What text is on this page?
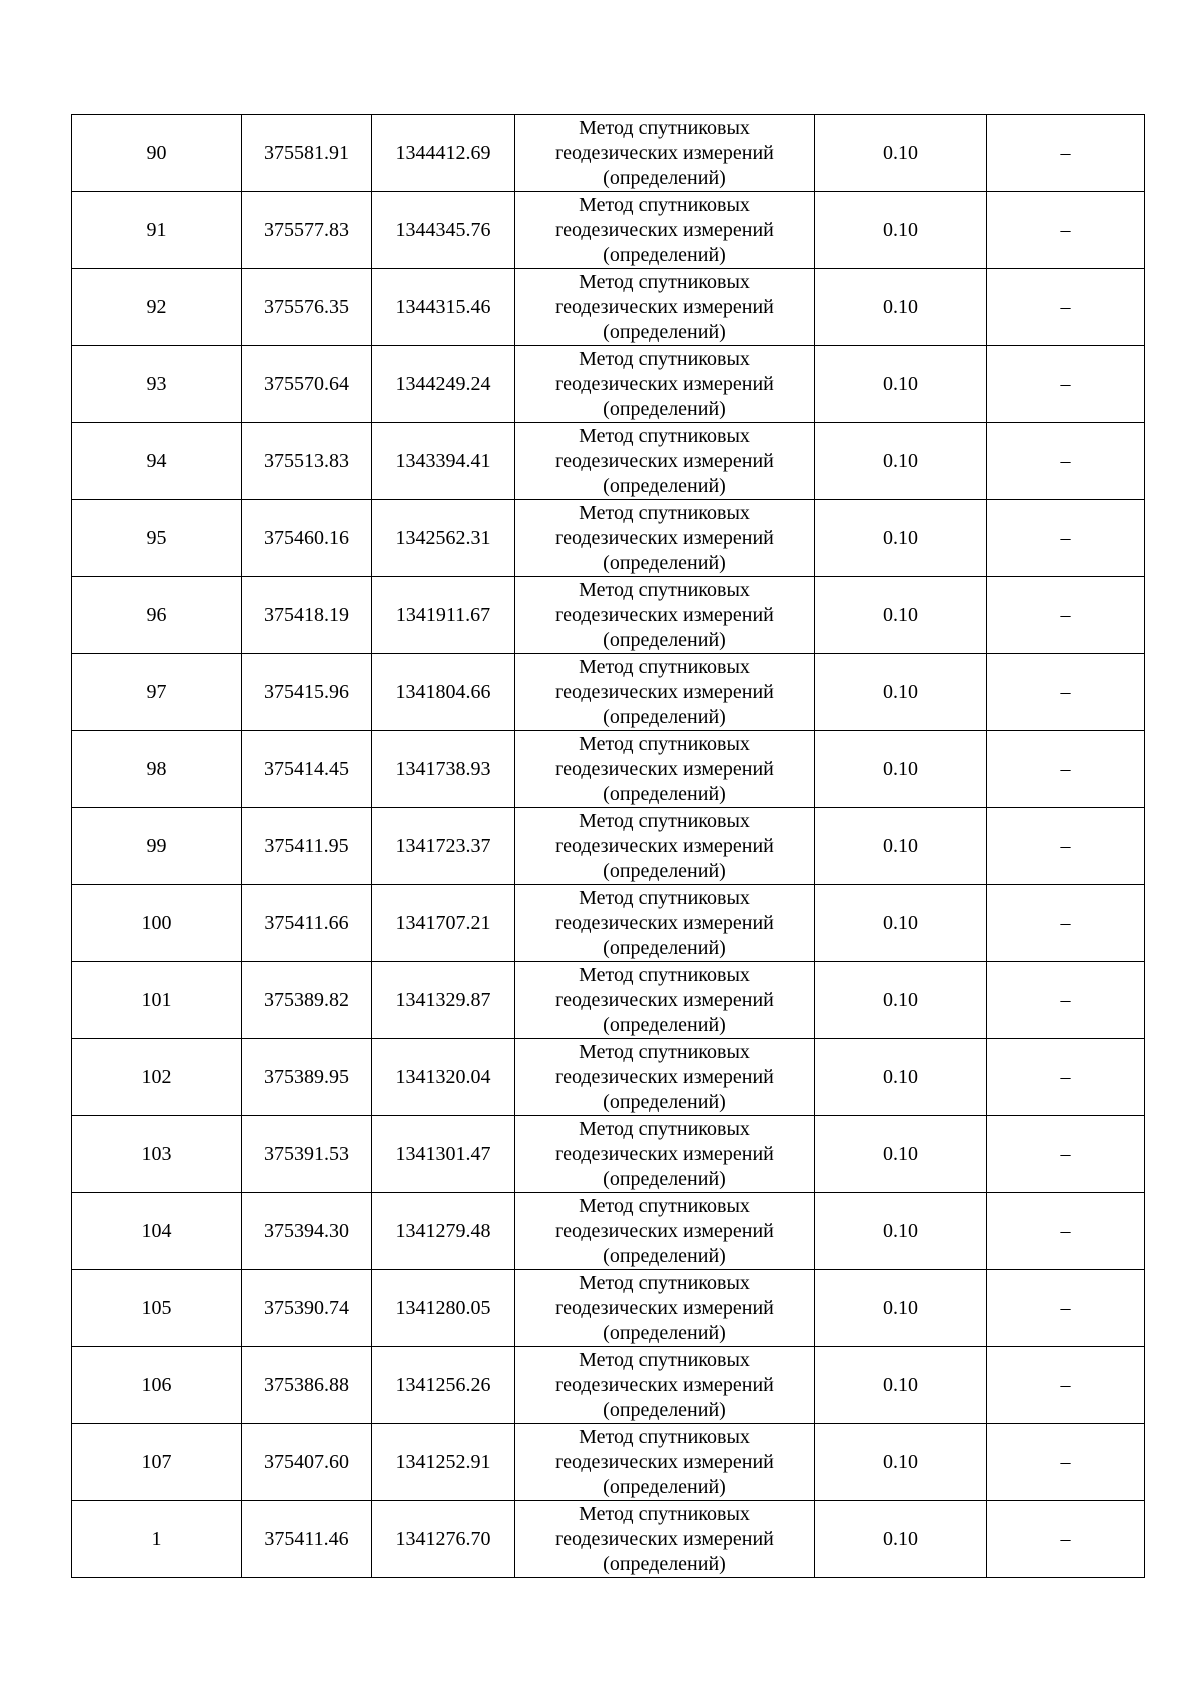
90	375581.91	1344412.69	Метод спутниковых
геодезических измерений
(определений)	0.10	–
91	375577.83	1344345.76	Метод спутниковых
геодезических измерений
(определений)	0.10	–
92	375576.35	1344315.46	Метод спутниковых
геодезических измерений
(определений)	0.10	–
93	375570.64	1344249.24	Метод спутниковых
геодезических измерений
(определений)	0.10	–
94	375513.83	1343394.41	Метод спутниковых
геодезических измерений
(определений)	0.10	–
95	375460.16	1342562.31	Метод спутниковых
геодезических измерений
(определений)	0.10	–
96	375418.19	1341911.67	Метод спутниковых
геодезических измерений
(определений)	0.10	–
97	375415.96	1341804.66	Метод спутниковых
геодезических измерений
(определений)	0.10	–
98	375414.45	1341738.93	Метод спутниковых
геодезических измерений
(определений)	0.10	–
99	375411.95	1341723.37	Метод спутниковых
геодезических измерений
(определений)	0.10	–
100	375411.66	1341707.21	Метод спутниковых
геодезических измерений
(определений)	0.10	–
101	375389.82	1341329.87	Метод спутниковых
геодезических измерений
(определений)	0.10	–
102	375389.95	1341320.04	Метод спутниковых
геодезических измерений
(определений)	0.10	–
103	375391.53	1341301.47	Метод спутниковых
геодезических измерений
(определений)	0.10	–
104	375394.30	1341279.48	Метод спутниковых
геодезических измерений
(определений)	0.10	–
105	375390.74	1341280.05	Метод спутниковых
геодезических измерений
(определений)	0.10	–
106	375386.88	1341256.26	Метод спутниковых
геодезических измерений
(определений)	0.10	–
107	375407.60	1341252.91	Метод спутниковых
геодезических измерений
(определений)	0.10	–
1	375411.46	1341276.70	Метод спутниковых
геодезических измерений
(определений)	0.10	–
